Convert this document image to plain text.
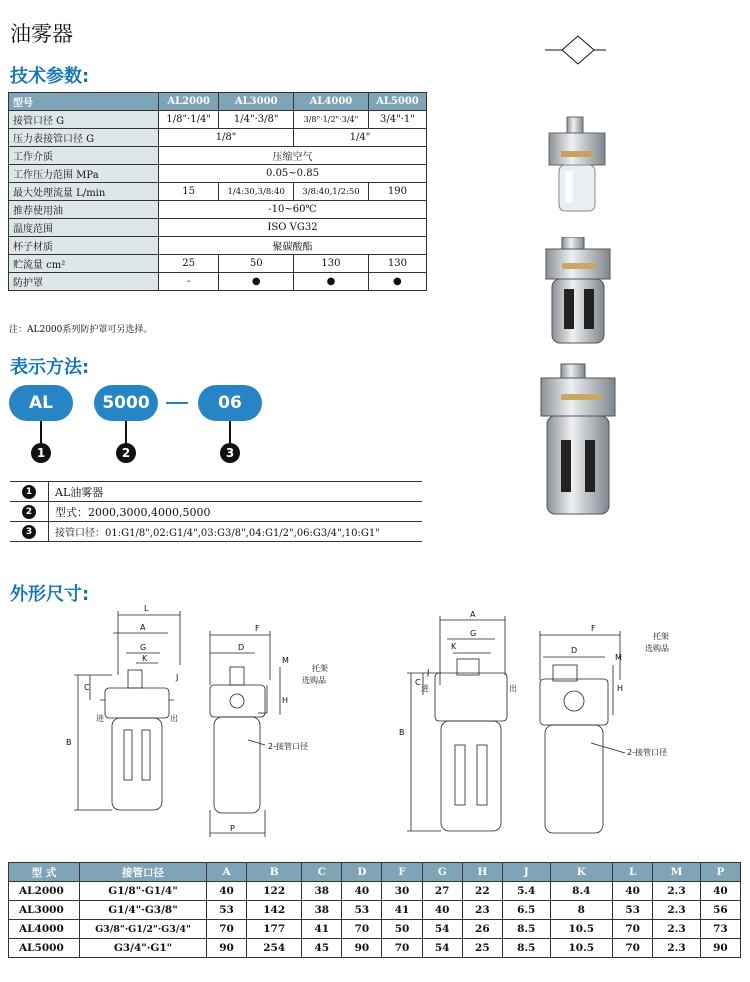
油雾器
技术参数:
型号	AL2000	AL3000	AL4000	AL5000
接管口径 G	1/8"·1/4"	1/4"·3/8"	3/8"·1/2"·3/4"	3/4"·1"
压力表接管口径 G	1/8"		1/4"	
工作介质	压缩空气			
工作压力范围 MPa	0.05~0.85			
最大处理流量 L/min	15	1/4:30,3/8:40	3/8:40,1/2:50	190
推荐使用油	-10~60℃			
温度范围	ISO VG32			
杯子材质	聚碳酸酯			
贮流量 cm²	25	50	130	130
防护罩	-	●	●	●
注：AL2000系列防护罩可另选择。
表示方法:
AL	5000	06
1	2	3
1	AL油雾器
2	型式：2000,3000,4000,5000
3	接管口径：01:G1/8",02:G1/4",03:G3/8",04:G1/2",06:G3/4",10:G1"
外形尺寸:
L
A
G
K
J
C
B
进	出
F
D
M
H
P
托架
选购品
2-接管口径
A
G
K
J
C
B
进	出
F
D
M
H
托架
选购品
2-接管口径
型 式	接管口径	A	B	C	D	F	G	H	J	K	L	M	P
AL2000	G1/8"·G1/4"	40	122	38	40	30	27	22	5.4	8.4	40	2.3	40
AL3000	G1/4"·G3/8"	53	142	38	53	41	40	23	6.5	8	53	2.3	56
AL4000	G3/8"·G1/2"·G3/4"	70	177	41	70	50	54	26	8.5	10.5	70	2.3	73
AL5000	G3/4"·G1"	90	254	45	90	70	54	25	8.5	10.5	70	2.3	90
